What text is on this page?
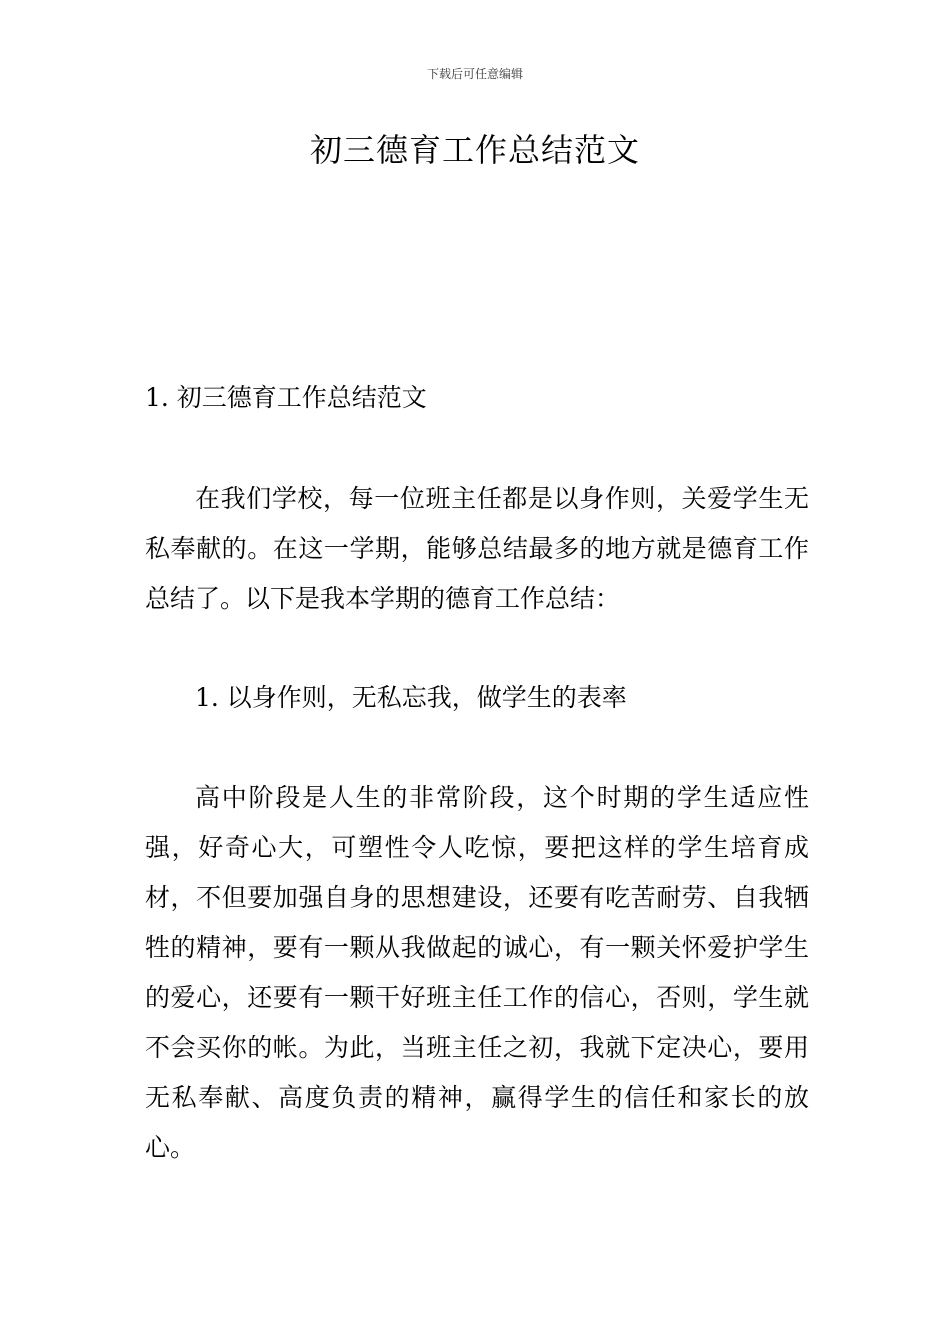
下载后可任意编辑
初三德育工作总结范文

1. 初三德育工作总结范文

在我们学校，每一位班主任都是以身作则，关爱学生无私奉献的。在这一学期，能够总结最多的地方就是德育工作总结了。以下是我本学期的德育工作总结：

1. 以身作则，无私忘我，做学生的表率

高中阶段是人生的非常阶段，这个时期的学生适应性强，好奇心大，可塑性令人吃惊，要把这样的学生培育成材，不但要加强自身的思想建设，还要有吃苦耐劳、自我牺牲的精神，要有一颗从我做起的诚心，有一颗关怀爱护学生的爱心，还要有一颗干好班主任工作的信心，否则，学生就不会买你的帐。为此，当班主任之初，我就下定决心，要用无私奉献、高度负责的精神，赢得学生的信任和家长的放心。
